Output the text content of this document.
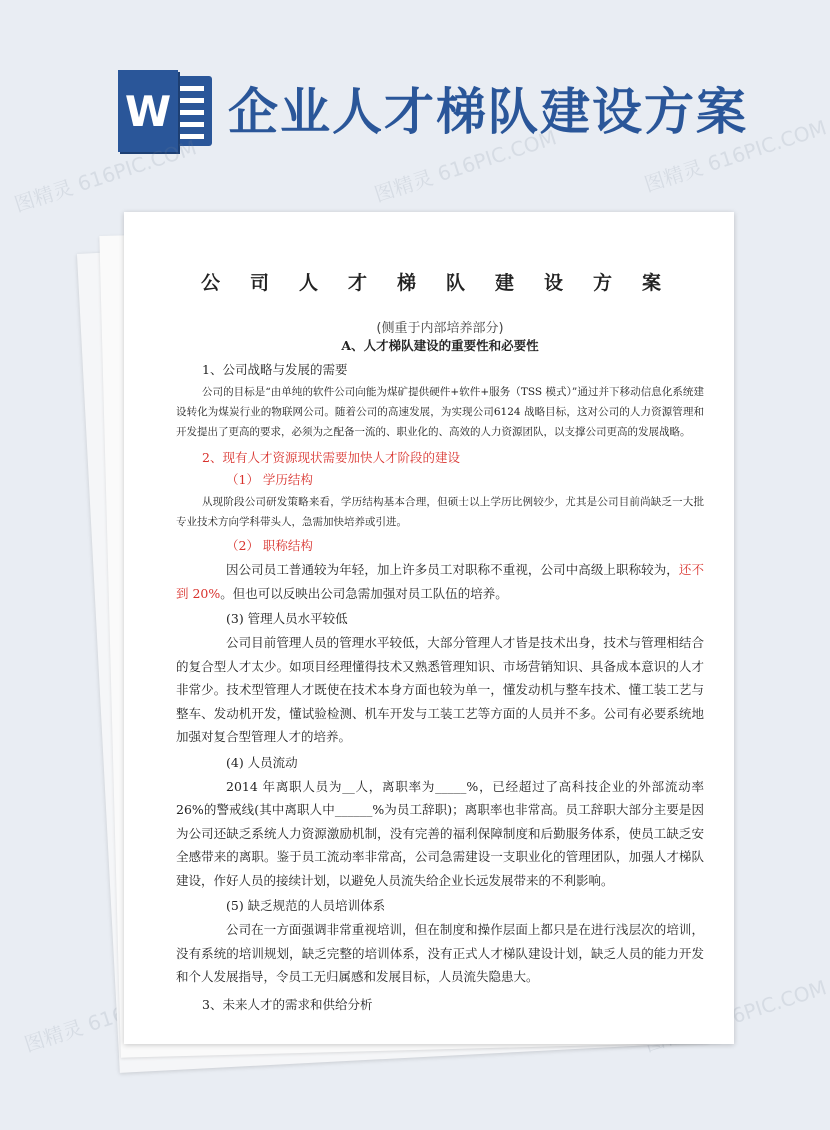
W 企业人才梯队建设方案
图精灵 616PIC.COM	图精灵 616PIC.COM	图精灵 616PIC.COM
图精灵 616PIC.COM	图精灵 616PIC.COM

公司人才梯队建设方案

(侧重于内部培养部分)

A、人才梯队建设的重要性和必要性

1、公司战略与发展的需要

公司的目标是“由单纯的软件公司向能为煤矿提供硬件+软件+服务（TSS 模式）”通过并下移动信息化系统建设转化为煤炭行业的物联网公司。随着公司的高速发展，为实现公司6124 战略目标，这对公司的人力资源管理和开发提出了更高的要求，必须为之配备一流的、职业化的、高效的人力资源团队，以支撑公司更高的发展战略。

2、现有人才资源现状需要加快人才阶段的建设

（1） 学历结构

从现阶段公司研发策略来看，学历结构基本合理，但硕士以上学历比例较少，尤其是公司目前尚缺乏一大批专业技术方向学科带头人，急需加快培养或引进。

（2） 职称结构

因公司员工普通较为年轻，加上许多员工对职称不重视，公司中高级上职称较为，还不到 20%。但也可以反映出公司急需加强对员工队伍的培养。

(3) 管理人员水平较低

公司目前管理人员的管理水平较低，大部分管理人才皆是技术出身，技术与管理相结合的复合型人才太少。如项目经理懂得技术又熟悉管理知识、市场营销知识、具备成本意识的人才非常少。技术型管理人才既使在技术本身方面也较为单一，懂发动机与整车技术、懂工装工艺与整车、发动机开发，懂试验检测、机车开发与工装工艺等方面的人员并不多。公司有必要系统地加强对复合型管理人才的培养。

(4) 人员流动

2014 年离职人员为__人，离职率为_____%，已经超过了高科技企业的外部流动率 26%的警戒线(其中离职人中______%为员工辞职)；离职率也非常高。员工辞职大部分主要是因为公司还缺乏系统人力资源激励机制，没有完善的福利保障制度和后勤服务体系，使员工缺乏安全感带来的离职。鉴于员工流动率非常高，公司急需建设一支职业化的管理团队，加强人才梯队建设，作好人员的接续计划，以避免人员流失给企业长远发展带来的不利影响。

(5) 缺乏规范的人员培训体系

公司在一方面强调非常重视培训，但在制度和操作层面上都只是在进行浅层次的培训，没有系统的培训规划，缺乏完整的培训体系，没有正式人才梯队建设计划，缺乏人员的能力开发和个人发展指导，令员工无归属感和发展目标，人员流失隐患大。

3、未来人才的需求和供给分析
